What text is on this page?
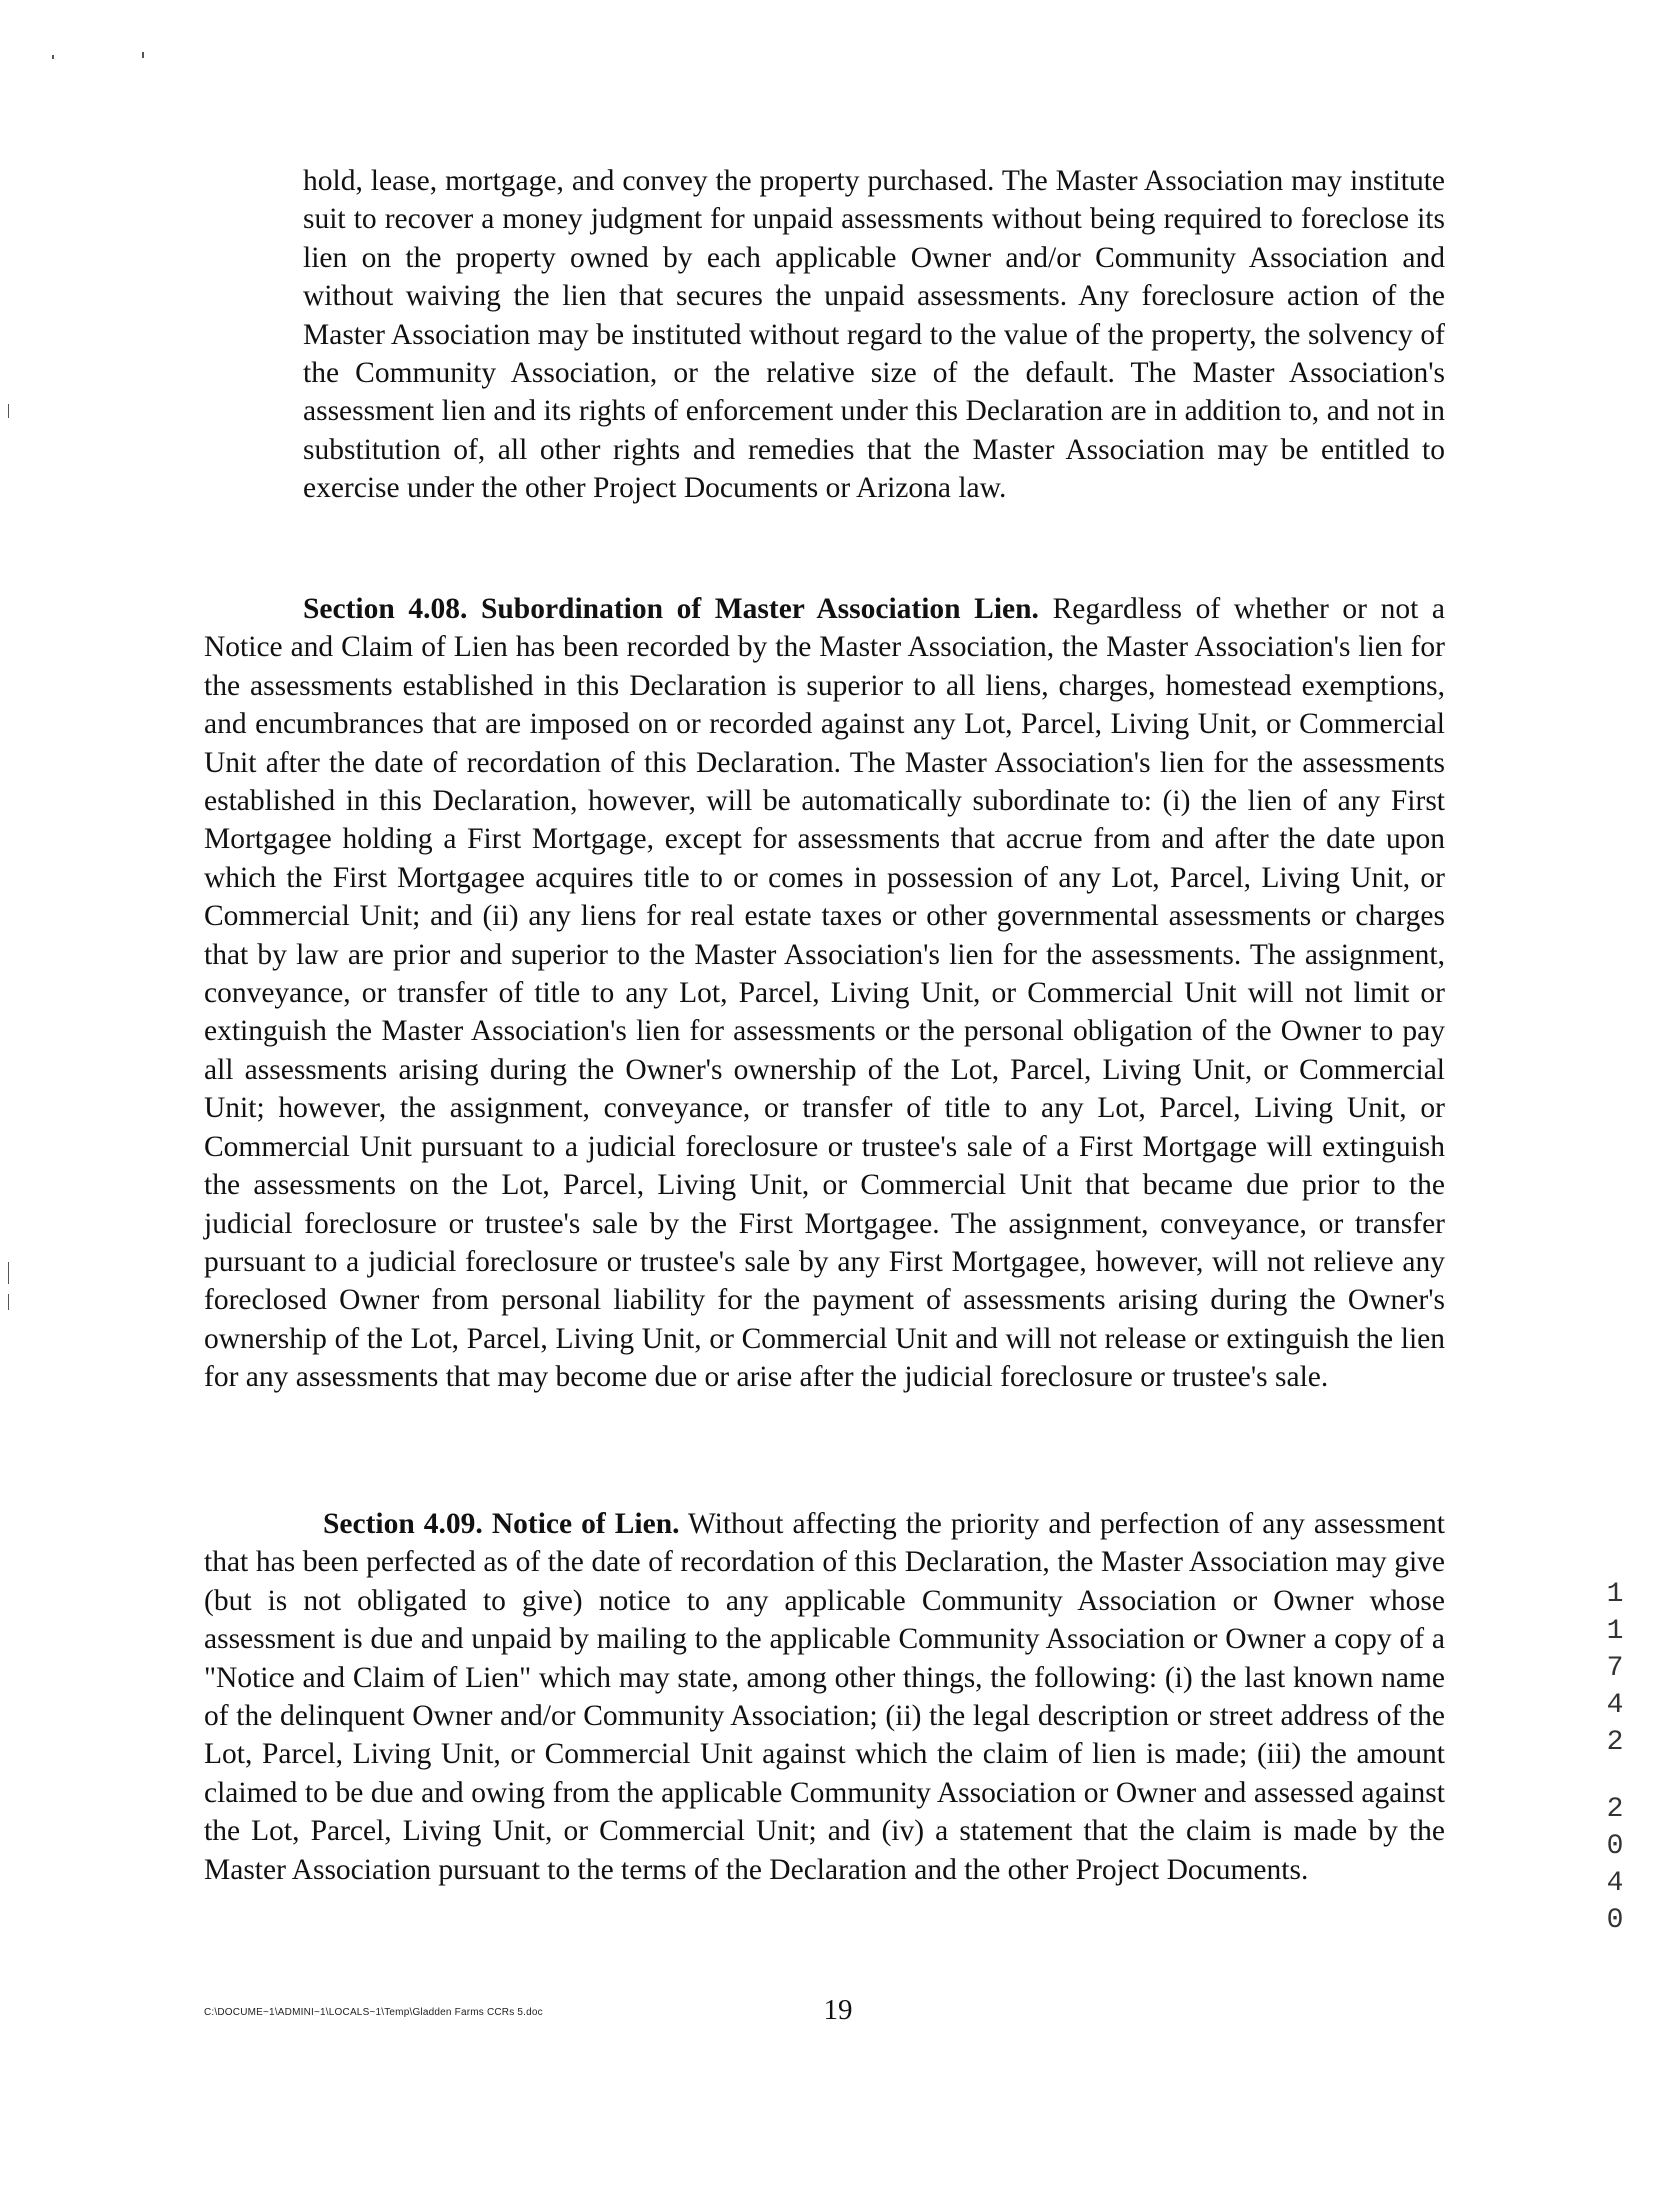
hold, lease, mortgage, and convey the property purchased. The Master Association may institute suit to recover a money judgment for unpaid assessments without being required to foreclose its lien on the property owned by each applicable Owner and/or Community Association and without waiving the lien that secures the unpaid assessments. Any foreclosure action of the Master Association may be instituted without regard to the value of the property, the solvency of the Community Association, or the relative size of the default. The Master Association's assessment lien and its rights of enforcement under this Declaration are in addition to, and not in substitution of, all other rights and remedies that the Master Association may be entitled to exercise under the other Project Documents or Arizona law.

Section 4.08. Subordination of Master Association Lien. Regardless of whether or not a Notice and Claim of Lien has been recorded by the Master Association, the Master Association's lien for the assessments established in this Declaration is superior to all liens, charges, homestead exemptions, and encumbrances that are imposed on or recorded against any Lot, Parcel, Living Unit, or Commercial Unit after the date of recordation of this Declaration. The Master Association's lien for the assessments established in this Declaration, however, will be automatically subordinate to: (i) the lien of any First Mortgagee holding a First Mortgage, except for assessments that accrue from and after the date upon which the First Mortgagee acquires title to or comes in possession of any Lot, Parcel, Living Unit, or Commercial Unit; and (ii) any liens for real estate taxes or other governmental assessments or charges that by law are prior and superior to the Master Association's lien for the assessments. The assignment, conveyance, or transfer of title to any Lot, Parcel, Living Unit, or Commercial Unit will not limit or extinguish the Master Association's lien for assessments or the personal obligation of the Owner to pay all assessments arising during the Owner's ownership of the Lot, Parcel, Living Unit, or Commercial Unit; however, the assignment, conveyance, or transfer of title to any Lot, Parcel, Living Unit, or Commercial Unit pursuant to a judicial foreclosure or trustee's sale of a First Mortgage will extinguish the assessments on the Lot, Parcel, Living Unit, or Commercial Unit that became due prior to the judicial foreclosure or trustee's sale by the First Mortgagee. The assignment, conveyance, or transfer pursuant to a judicial foreclosure or trustee's sale by any First Mortgagee, however, will not relieve any foreclosed Owner from personal liability for the payment of assessments arising during the Owner's ownership of the Lot, Parcel, Living Unit, or Commercial Unit and will not release or extinguish the lien for any assessments that may become due or arise after the judicial foreclosure or trustee's sale.

Section 4.09. Notice of Lien. Without affecting the priority and perfection of any assessment that has been perfected as of the date of recordation of this Declaration, the Master Association may give (but is not obligated to give) notice to any applicable Community Association or Owner whose assessment is due and unpaid by mailing to the applicable Community Association or Owner a copy of a "Notice and Claim of Lien" which may state, among other things, the following: (i) the last known name of the delinquent Owner and/or Community Association; (ii) the legal description or street address of the Lot, Parcel, Living Unit, or Commercial Unit against which the claim of lien is made; (iii) the amount claimed to be due and owing from the applicable Community Association or Owner and assessed against the Lot, Parcel, Living Unit, or Commercial Unit; and (iv) a statement that the claim is made by the Master Association pursuant to the terms of the Declaration and the other Project Documents.

1
1
7
4
2
2
0
4
0
C:\DOCUME~1\ADMINI~1\LOCALS~1\Temp\Gladden Farms CCRs 5.doc	19
